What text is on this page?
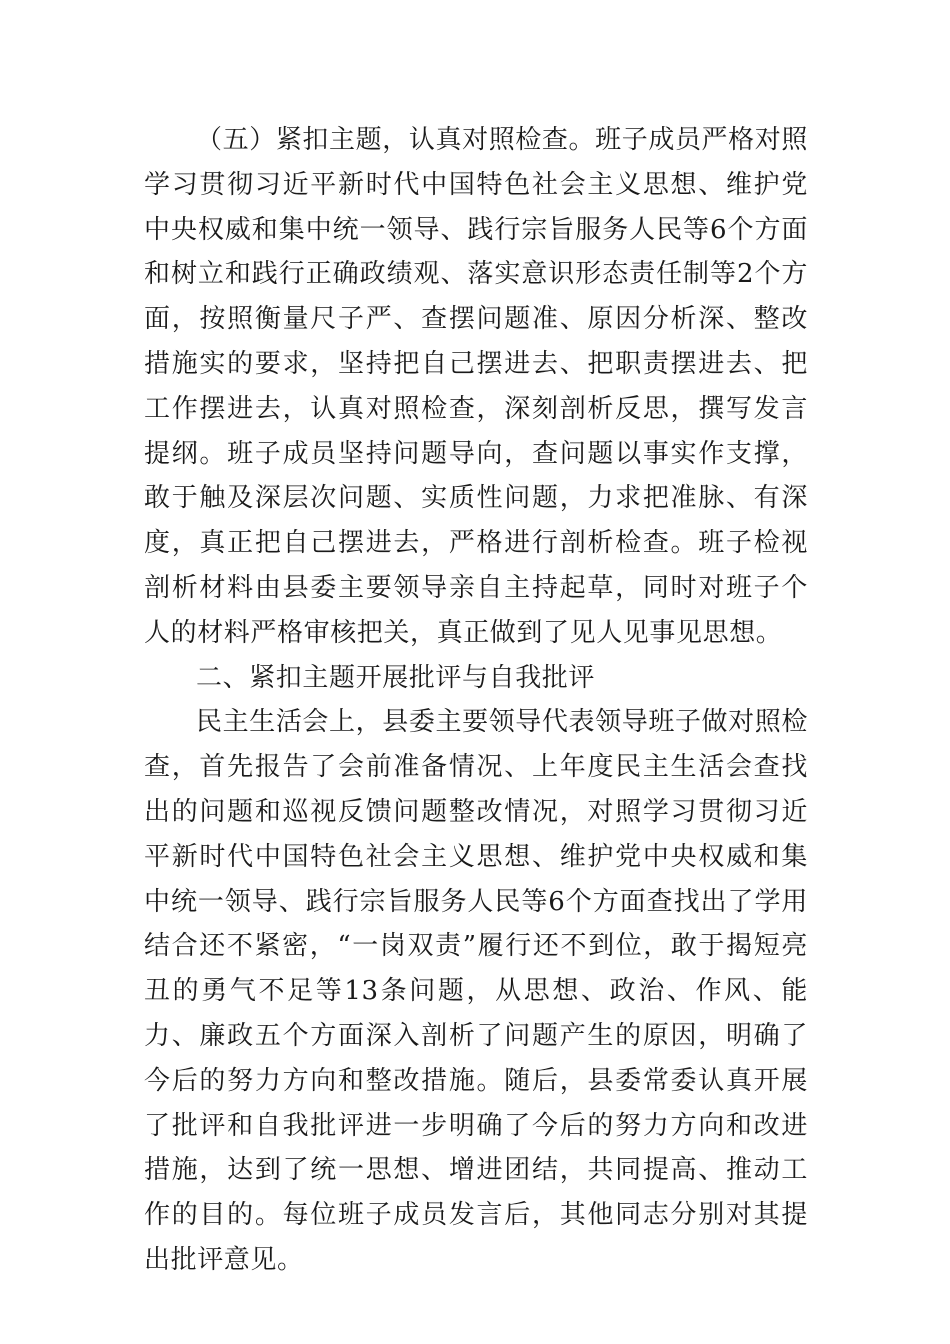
（五）紧扣主题，认真对照检查。班子成员严格对照学习贯彻习近平新时代中国特色社会主义思想、维护党中央权威和集中统一领导、践行宗旨服务人民等6个方面和树立和践行正确政绩观、落实意识形态责任制等2个方面，按照衡量尺子严、查摆问题准、原因分析深、整改措施实的要求，坚持把自己摆进去、把职责摆进去、把工作摆进去，认真对照检查，深刻剖析反思，撰写发言提纲。班子成员坚持问题导向，查问题以事实作支撑，敢于触及深层次问题、实质性问题，力求把准脉、有深度，真正把自己摆进去，严格进行剖析检查。班子检视剖析材料由县委主要领导亲自主持起草，同时对班子个人的材料严格审核把关，真正做到了见人见事见思想。

二、紧扣主题开展批评与自我批评

民主生活会上，县委主要领导代表领导班子做对照检查，首先报告了会前准备情况、上年度民主生活会查找出的问题和巡视反馈问题整改情况，对照学习贯彻习近平新时代中国特色社会主义思想、维护党中央权威和集中统一领导、践行宗旨服务人民等6个方面查找出了学用结合还不紧密，“一岗双责”履行还不到位，敢于揭短亮丑的勇气不足等13条问题，从思想、政治、作风、能力、廉政五个方面深入剖析了问题产生的原因，明确了今后的努力方向和整改措施。随后，县委常委认真开展了批评和自我批评进一步明确了今后的努力方向和改进措施，达到了统一思想、增进团结，共同提高、推动工作的目的。每位班子成员发言后，其他同志分别对其提出批评意见。
